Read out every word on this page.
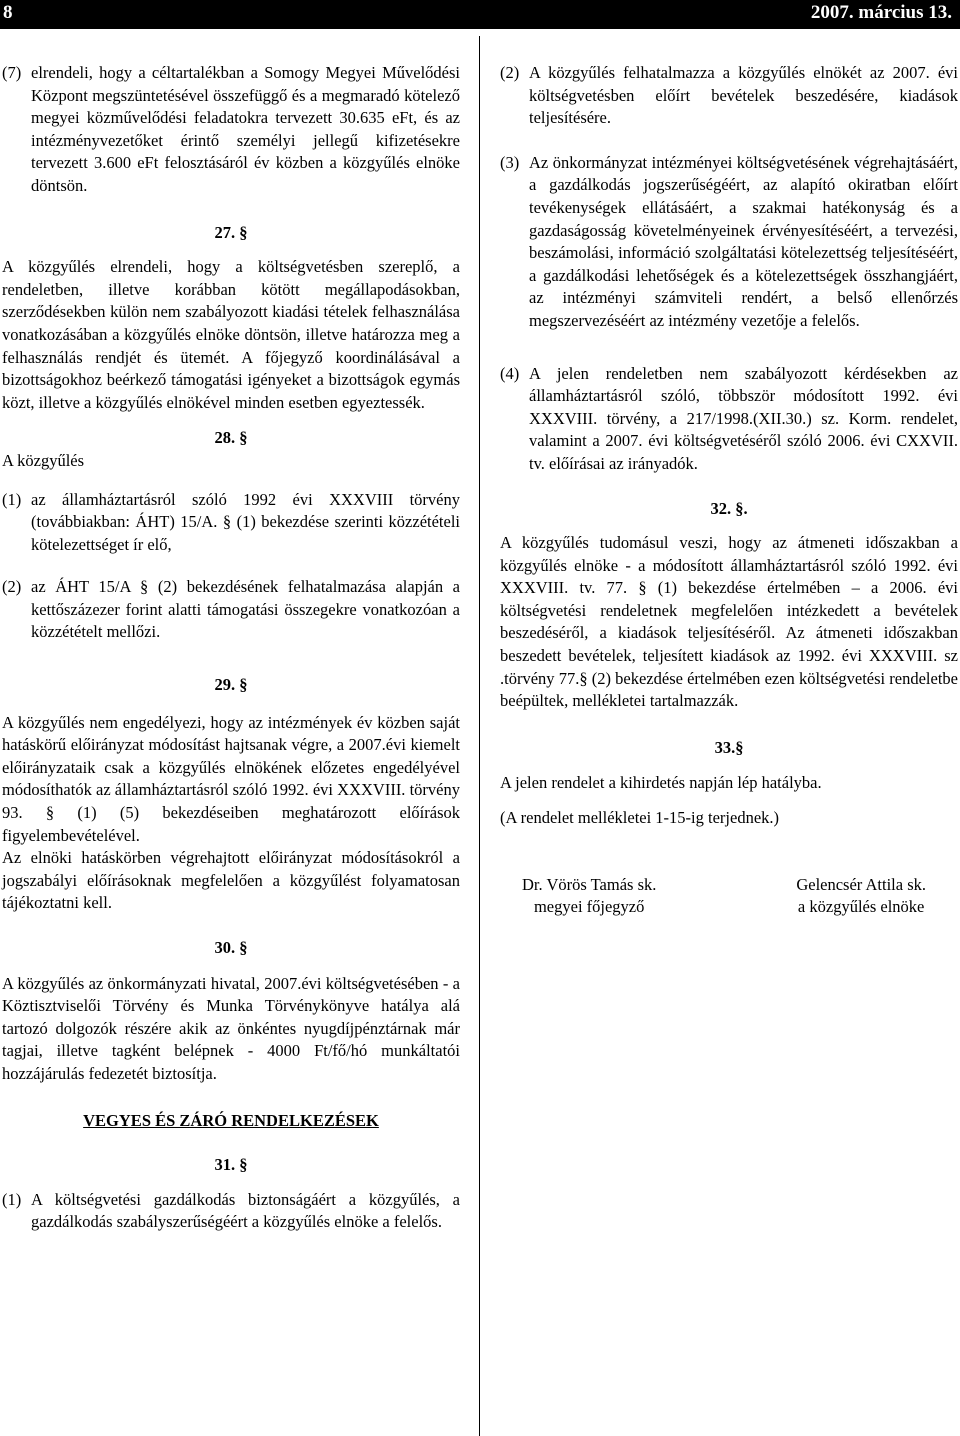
8	2007. március 13.
(7) elrendeli, hogy a céltartalékban a Somogy Megyei Művelődési Központ megszüntetésével összefüggő és a megmaradó kötelező megyei közművelődési feladatokra tervezett 30.635 eFt, és az intézményvezetőket érintő személyi jellegű kifizetésekre tervezett 3.600 eFt felosztásáról év közben a közgyűlés elnöke döntsön.

27. §

A közgyűlés elrendeli, hogy a költségvetésben szereplő, a rendeletben, illetve korábban kötött megállapodásokban, szerződésekben külön nem szabályozott kiadási tételek felhasználása vonatkozásában a közgyűlés elnöke döntsön, illetve határozza meg a felhasználás rendjét és ütemét. A főjegyző koordinálásával a bizottságokhoz beérkező támogatási igényeket a bizottságok egymás közt, illetve a közgyűlés elnökével minden esetben egyeztessék.

28. §

A közgyűlés

(1) az államháztartásról szóló 1992 évi XXXVIII törvény (továbbiakban: ÁHT) 15/A. § (1) bekezdése szerinti közzétételi kötelezettséget ír elő,
(2) az ÁHT 15/A § (2) bekezdésének felhatalmazása alapján a kettőszázezer forint alatti támogatási összegekre vonatkozóan a közzétételt mellőzi.

29. §

A közgyűlés nem engedélyezi, hogy az intézmények év közben saját hatáskörű előirányzat módosítást hajtsanak végre, a 2007.évi kiemelt előirányzataik csak a közgyűlés elnökének előzetes engedélyével módosíthatók az államháztartásról szóló 1992. évi XXXVIII. törvény 93. § (1) (5) bekezdéseiben meghatározott előírások figyelembevételével.

Az elnöki hatáskörben végrehajtott előirányzat módosításokról a jogszabályi előírásoknak megfelelően a közgyűlést folyamatosan tájékoztatni kell.

30. §

A közgyűlés az önkormányzati hivatal, 2007.évi költségvetésében - a Köztisztviselői Törvény és Munka Törvénykönyve hatálya alá tartozó dolgozók részére akik az önkéntes nyugdíjpénztárnak már tagjai, illetve tagként belépnek - 4000 Ft/fő/hó munkáltatói hozzájárulás fedezetét biztosítja.

VEGYES ÉS ZÁRÓ RENDELKEZÉSEK

31. §

(1) A költségvetési gazdálkodás biztonságáért a közgyűlés, a gazdálkodás szabályszerűségéért a közgyűlés elnöke a felelős.
(2) A közgyűlés felhatalmazza a közgyűlés elnökét az 2007. évi költségvetésben előírt bevételek beszedésére, kiadások teljesítésére.
(3) Az önkormányzat intézményei költségvetésének végrehajtásáért, a gazdálkodás jogszerűségéért, az alapító okiratban előírt tevékenységek ellátásáért, a szakmai hatékonyság és a gazdaságosság követelményeinek érvényesítéséért, a tervezési, beszámolási, információ szolgáltatási kötelezettség teljesítéséért, a gazdálkodási lehetőségek és a kötelezettségek összhangjáért, az intézményi számviteli rendért, a belső ellenőrzés megszervezéséért az intézmény vezetője a felelős.
(4) A jelen rendeletben nem szabályozott kérdésekben az államháztartásról szóló, többször módosított 1992. évi XXXVIII. törvény, a 217/1998.(XII.30.) sz. Korm. rendelet, valamint a 2007. évi költségvetéséről szóló 2006. évi CXXVII. tv. előírásai az irányadók.

32. §.

A közgyűlés tudomásul veszi, hogy az átmeneti időszakban a közgyűlés elnöke - a módosított államháztartásról szóló 1992. évi XXXVIII. tv. 77. § (1) bekezdése értelmében – a 2006. évi költségvetési rendeletnek megfelelően intézkedett a bevételek beszedéséről, a kiadások teljesítéséről. Az átmeneti időszakban beszedett bevételek, teljesített kiadások az 1992. évi XXXVIII. sz .törvény 77.§ (2) bekezdése értelmében ezen költségvetési rendeletbe beépültek, mellékletei tartalmazzák.

33.§

A jelen rendelet a kihirdetés napján lép hatályba.

(A rendelet mellékletei 1-15-ig terjednek.)

Dr. Vörös Tamás sk.
megyei főjegyző
Gelencsér Attila sk.
a közgyűlés elnöke
